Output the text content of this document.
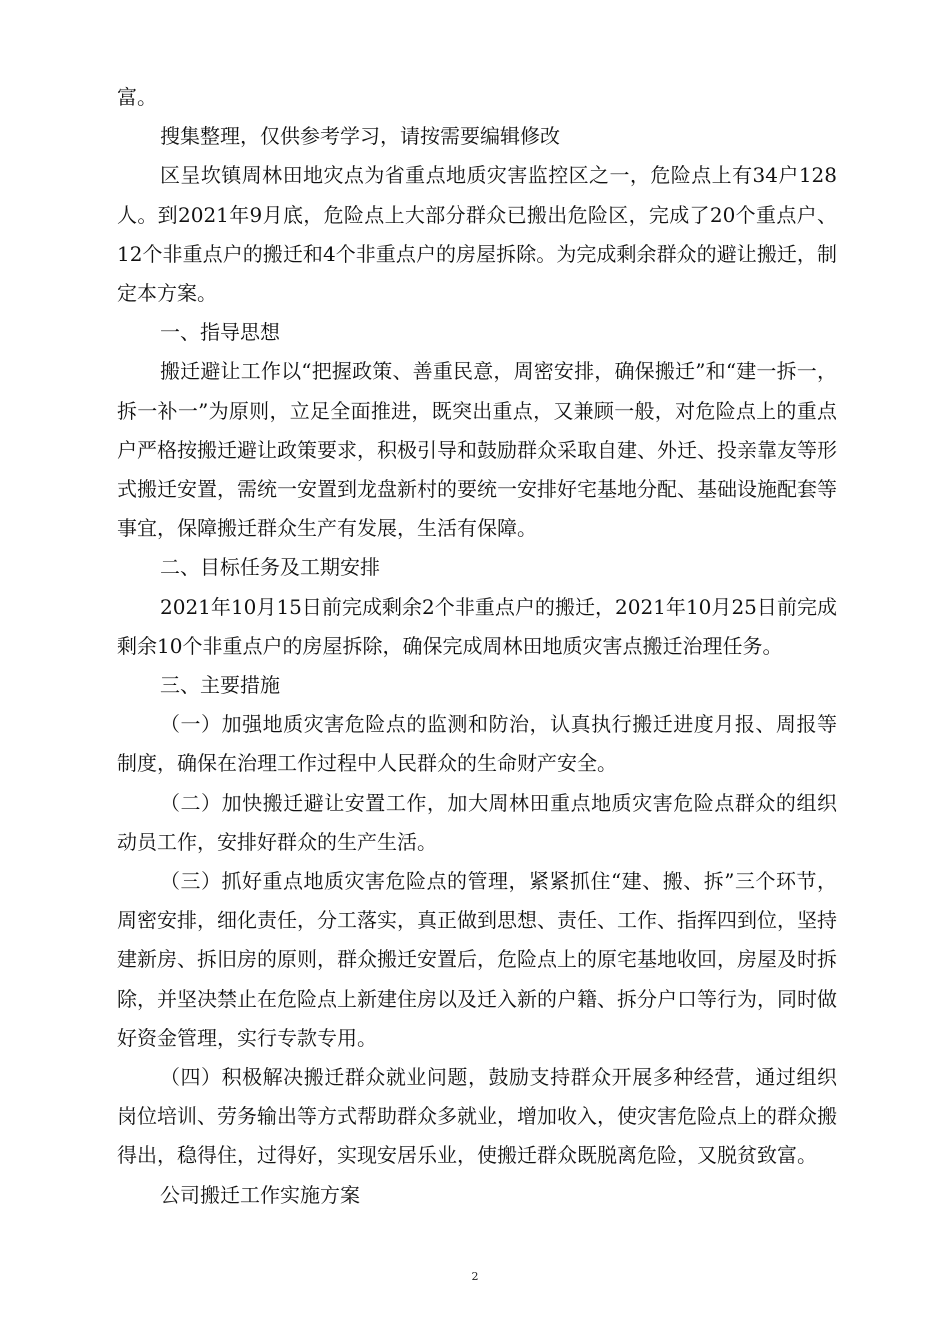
富。

搜集整理，仅供参考学习，请按需要编辑修改

区呈坎镇周林田地灾点为省重点地质灾害监控区之一，危险点上有34户128人。到2021年9月底，危险点上大部分群众已搬出危险区，完成了20个重点户、12个非重点户的搬迁和4个非重点户的房屋拆除。为完成剩余群众的避让搬迁，制定本方案。

一、指导思想

搬迁避让工作以“把握政策、善重民意，周密安排，确保搬迁”和“建一拆一，拆一补一”为原则，立足全面推进，既突出重点，又兼顾一般，对危险点上的重点户严格按搬迁避让政策要求，积极引导和鼓励群众采取自建、外迁、投亲靠友等形式搬迁安置，需统一安置到龙盘新村的要统一安排好宅基地分配、基础设施配套等事宜，保障搬迁群众生产有发展，生活有保障。

二、目标任务及工期安排

2021年10月15日前完成剩余2个非重点户的搬迁，2021年10月25日前完成剩余10个非重点户的房屋拆除，确保完成周林田地质灾害点搬迁治理任务。

三、主要措施

（一）加强地质灾害危险点的监测和防治，认真执行搬迁进度月报、周报等制度，确保在治理工作过程中人民群众的生命财产安全。

（二）加快搬迁避让安置工作，加大周林田重点地质灾害危险点群众的组织动员工作，安排好群众的生产生活。

（三）抓好重点地质灾害危险点的管理，紧紧抓住“建、搬、拆”三个环节，周密安排，细化责任，分工落实，真正做到思想、责任、工作、指挥四到位，坚持建新房、拆旧房的原则，群众搬迁安置后，危险点上的原宅基地收回，房屋及时拆除，并坚决禁止在危险点上新建住房以及迁入新的户籍、拆分户口等行为，同时做好资金管理，实行专款专用。

（四）积极解决搬迁群众就业问题，鼓励支持群众开展多种经营，通过组织岗位培训、劳务输出等方式帮助群众多就业，增加收入，使灾害危险点上的群众搬得出，稳得住，过得好，实现安居乐业，使搬迁群众既脱离危险，又脱贫致富。

公司搬迁工作实施方案

2
